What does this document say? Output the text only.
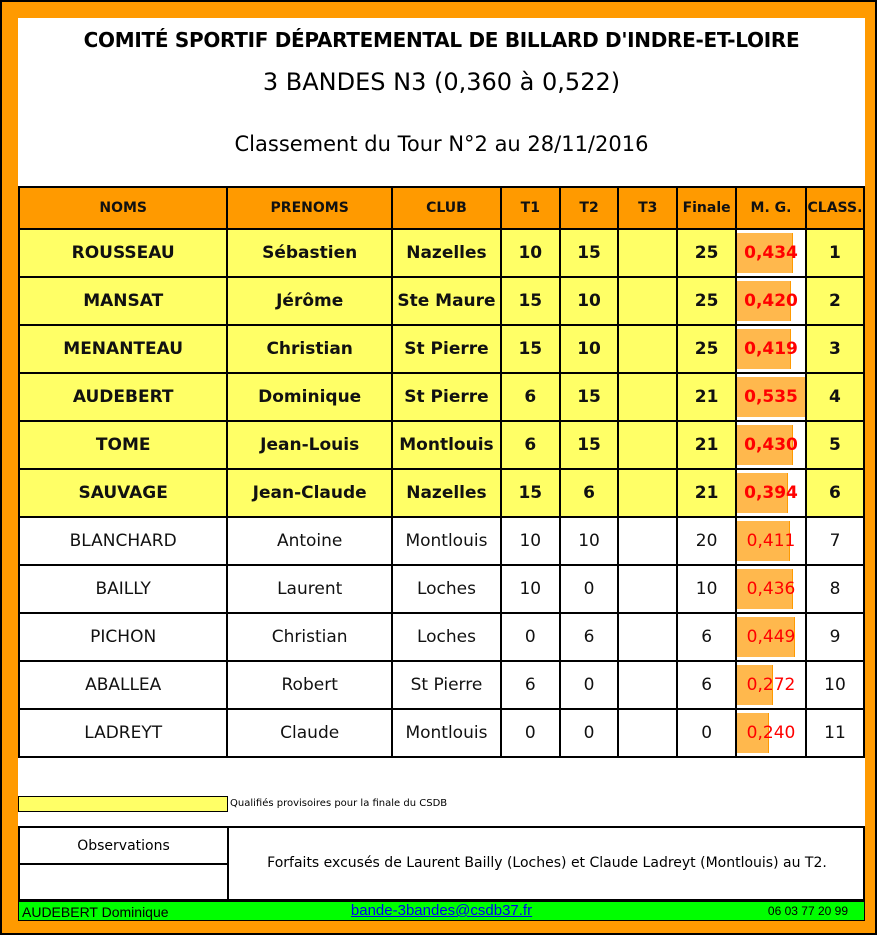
COMITÉ SPORTIF DÉPARTEMENTAL DE BILLARD D'INDRE-ET-LOIRE
3 BANDES N3 (0,360 à 0,522)
Classement du Tour N°2 au 28/11/2016
NOMS	PRENOMS	CLUB	T1	T2	T3	Finale	M. G.	CLASS.
ROUSSEAU	Sébastien	Nazelles	10	15		25	0,434	1
MANSAT	Jérôme	Ste Maure	15	10		25	0,420	2
MENANTEAU	Christian	St Pierre	15	10		25	0,419	3
AUDEBERT	Dominique	St Pierre	6	15		21	0,535	4
TOME	Jean-Louis	Montlouis	6	15		21	0,430	5
SAUVAGE	Jean-Claude	Nazelles	15	6		21	0,394	6
BLANCHARD	Antoine	Montlouis	10	10		20	0,411	7
BAILLY	Laurent	Loches	10	0		10	0,436	8
PICHON	Christian	Loches	0	6		6	0,449	9
ABALLEA	Robert	St Pierre	6	0		6	0,272	10
LADREYT	Claude	Montlouis	0	0		0	0,240	11
Qualifiés provisoires pour la finale du CSDB
Observations
Forfaits excusés de Laurent Bailly (Loches) et Claude Ladreyt (Montlouis) au T2.
AUDEBERT Dominique	bande-3bandes@csdb37.fr	06 03 77 20 99
